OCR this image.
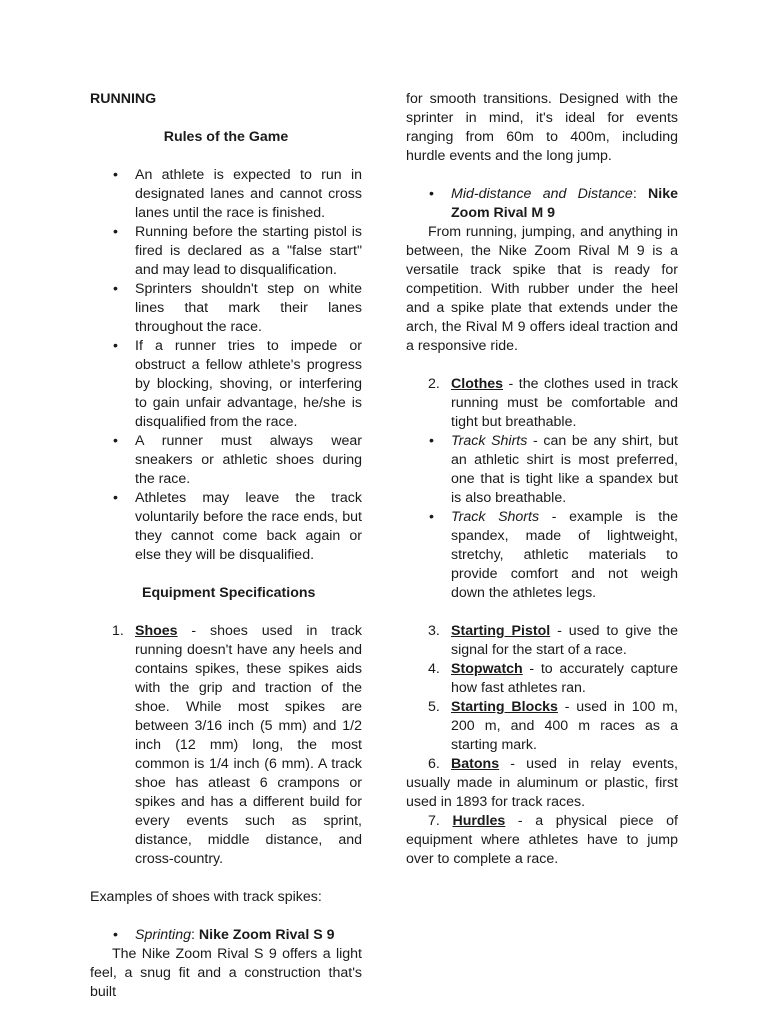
RUNNING

Rules of the Game

• An athlete is expected to run in designated lanes and cannot cross lanes until the race is finished.
• Running before the starting pistol is fired is declared as a "false start" and may lead to disqualification.
• Sprinters shouldn't step on white lines that mark their lanes throughout the race.
• If a runner tries to impede or obstruct a fellow athlete's progress by blocking, shoving, or interfering to gain unfair advantage, he/she is disqualified from the race.
• A runner must always wear sneakers or athletic shoes during the race.
• Athletes may leave the track voluntarily before the race ends, but they cannot come back again or else they will be disqualified.

Equipment Specifications

1. Shoes - shoes used in track running doesn't have any heels and contains spikes, these spikes aids with the grip and traction of the shoe. While most spikes are between 3/16 inch (5 mm) and 1/2 inch (12 mm) long, the most common is 1/4 inch (6 mm). A track shoe has atleast 6 crampons or spikes and has a different build for every events such as sprint, distance, middle distance, and cross-country.

Examples of shoes with track spikes:

• Sprinting: Nike Zoom Rival S 9

The Nike Zoom Rival S 9 offers a light feel, a snug fit and a construction that's built

for smooth transitions. Designed with the sprinter in mind, it's ideal for events ranging from 60m to 400m, including hurdle events and the long jump.

• Mid-distance and Distance: Nike Zoom Rival M 9

From running, jumping, and anything in between, the Nike Zoom Rival M 9 is a versatile track spike that is ready for competition. With rubber under the heel and a spike plate that extends under the arch, the Rival M 9 offers ideal traction and a responsive ride.

2. Clothes - the clothes used in track running must be comfortable and tight but breathable.
• Track Shirts - can be any shirt, but an athletic shirt is most preferred, one that is tight like a spandex but is also breathable.
• Track Shorts - example is the spandex, made of lightweight, stretchy, athletic materials to provide comfort and not weigh down the athletes legs.
3. Starting Pistol - used to give the signal for the start of a race.
4. Stopwatch - to accurately capture how fast athletes ran.
5. Starting Blocks - used in 100 m, 200 m, and 400 m races as a starting mark.

6. Batons - used in relay events, usually made in aluminum or plastic, first used in 1893 for track races.

7. Hurdles - a physical piece of equipment where athletes have to jump over to complete a race.
